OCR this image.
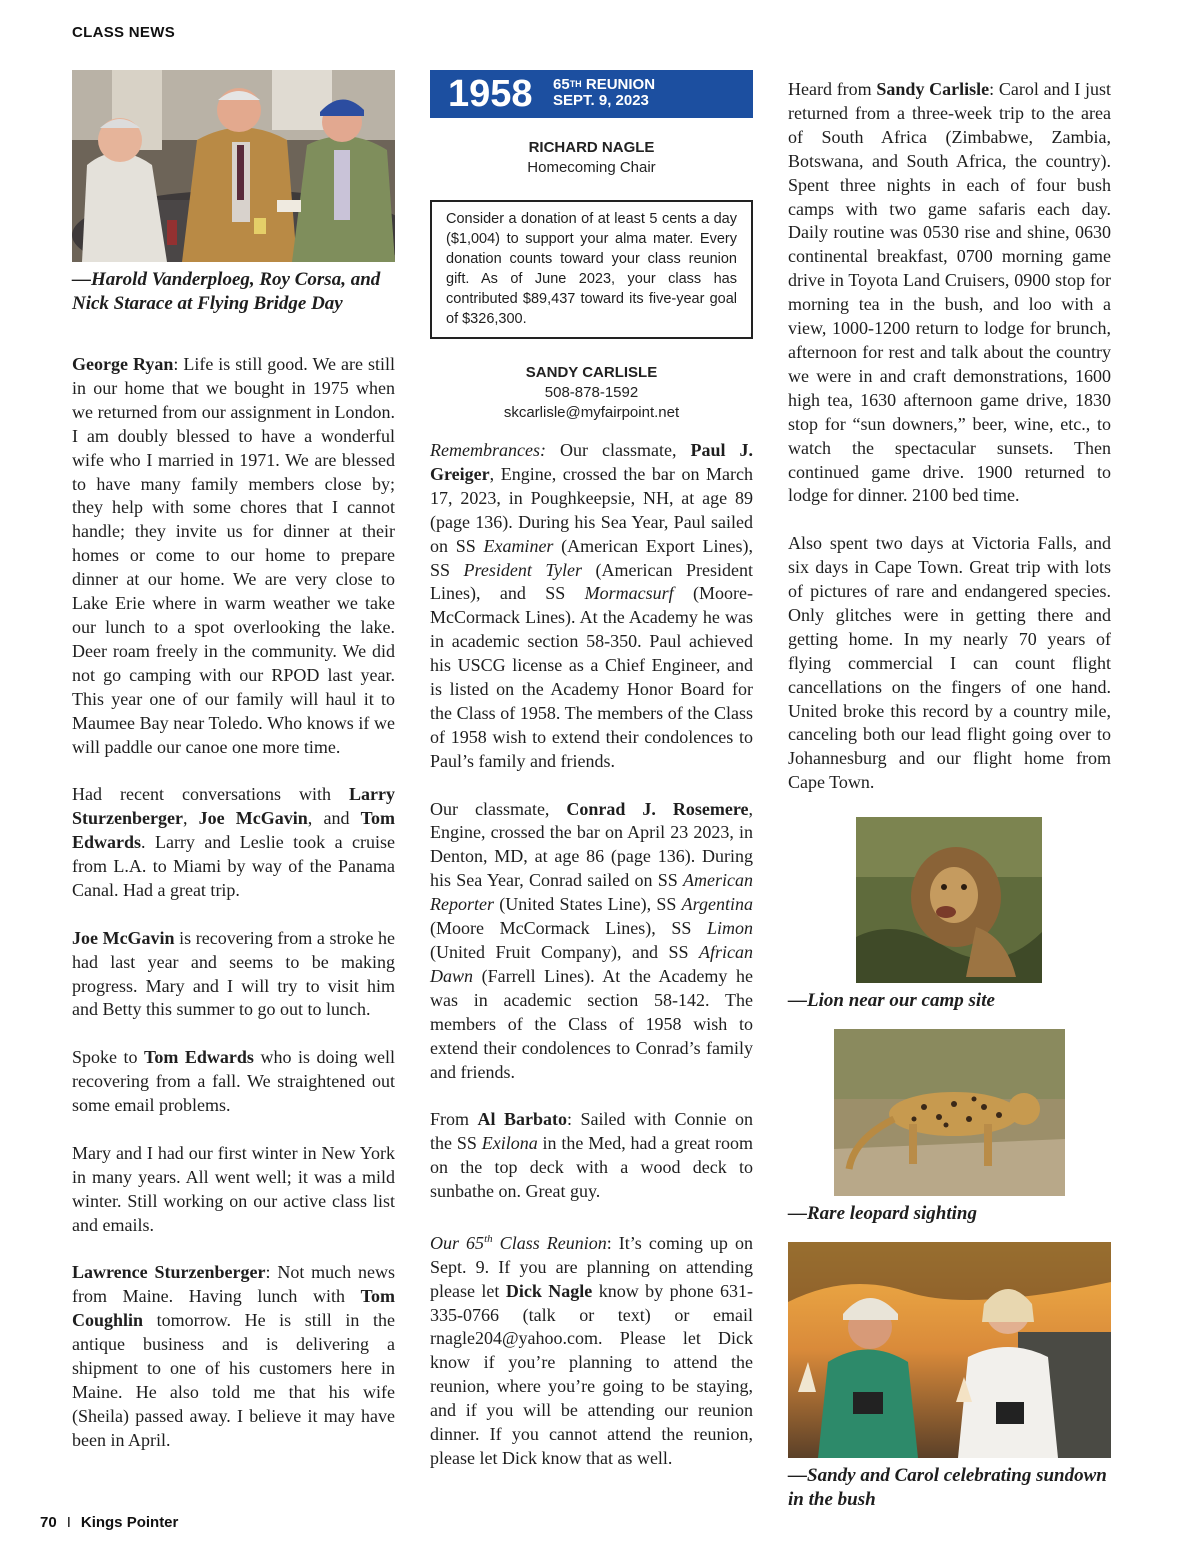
CLASS NEWS
—Harold Vanderploeg, Roy Corsa, and Nick Starace at Flying Bridge Day

George Ryan: Life is still good. We are still in our home that we bought in 1975 when we returned from our assignment in London. I am doubly blessed to have a wonderful wife who I married in 1971. We are blessed to have many family members close by; they help with some chores that I cannot handle; they invite us for dinner at their homes or come to our home to prepare dinner at our home. We are very close to Lake Erie where in warm weather we take our lunch to a spot overlooking the lake. Deer roam freely in the community. We did not go camping with our RPOD last year. This year one of our family will haul it to Maumee Bay near Toledo. Who knows if we will paddle our canoe one more time.

Had recent conversations with Larry Sturzenberger, Joe McGavin, and Tom Edwards. Larry and Leslie took a cruise from L.A. to Miami by way of the Panama Canal. Had a great trip.

Joe McGavin is recovering from a stroke he had last year and seems to be making progress. Mary and I will try to visit him and Betty this summer to go out to lunch.

Spoke to Tom Edwards who is doing well recovering from a fall. We straightened out some email problems.

Mary and I had our first winter in New York in many years. All went well; it was a mild winter. Still working on our active class list and emails.

Lawrence Sturzenberger: Not much news from Maine. Having lunch with Tom Coughlin tomorrow. He is still in the antique business and is delivering a shipment to one of his customers here in Maine. He also told me that his wife (Sheila) passed away. I believe it may have been in April.

1958 65TH REUNION
SEPT. 9, 2023
RICHARD NAGLE
Homecoming Chair
Consider a donation of at least 5 cents a day ($1,004) to support your alma mater. Every donation counts toward your class reunion gift. As of June 2023, your class has contributed $89,437 toward its five-year goal of $326,300.
SANDY CARLISLE
508-878-1592
skcarlisle@myfairpoint.net

Remembrances: Our classmate, Paul J. Greiger, Engine, crossed the bar on March 17, 2023, in Poughkeepsie, NH, at age 89 (page 136). During his Sea Year, Paul sailed on SS Examiner (American Export Lines), SS President Tyler (American President Lines), and SS Mormacsurf (Moore-McCormack Lines). At the Academy he was in academic section 58-350. Paul achieved his USCG license as a Chief Engineer, and is listed on the Academy Honor Board for the Class of 1958. The members of the Class of 1958 wish to extend their condolences to Paul’s family and friends.

Our classmate, Conrad J. Rosemere, Engine, crossed the bar on April 23 2023, in Denton, MD, at age 86 (page 136). During his Sea Year, Conrad sailed on SS American Reporter (United States Line), SS Argentina (Moore McCormack Lines), SS Limon (United Fruit Company), and SS African Dawn (Farrell Lines). At the Academy he was in academic section 58-142. The members of the Class of 1958 wish to extend their condolences to Conrad’s family and friends.

From Al Barbato: Sailed with Connie on the SS Exilona in the Med, had a great room on the top deck with a wood deck to sunbathe on. Great guy.

Our 65th Class Reunion: It’s coming up on Sept. 9. If you are planning on attending please let Dick Nagle know by phone 631-335-0766 (talk or text) or email rnagle204@yahoo.com. Please let Dick know if you’re planning to attend the reunion, where you’re going to be staying, and if you will be attending our reunion dinner. If you cannot attend the reunion, please let Dick know that as well.

Heard from Sandy Carlisle: Carol and I just returned from a three-week trip to the area of South Africa (Zimbabwe, Zambia, Botswana, and South Africa, the country). Spent three nights in each of four bush camps with two game safaris each day. Daily routine was 0530 rise and shine, 0630 continental breakfast, 0700 morning game drive in Toyota Land Cruisers, 0900 stop for morning tea in the bush, and loo with a view, 1000-1200 return to lodge for brunch, afternoon for rest and talk about the country we were in and craft demonstrations, 1600 high tea, 1630 afternoon game drive, 1830 stop for “sun downers,” beer, wine, etc., to watch the spectacular sunsets. Then continued game drive. 1900 returned to lodge for dinner. 2100 bed time.

Also spent two days at Victoria Falls, and six days in Cape Town. Great trip with lots of pictures of rare and endangered species. Only glitches were in getting there and getting home. In my nearly 70 years of flying commercial I can count flight cancellations on the fingers of one hand. United broke this record by a country mile, canceling both our lead flight going over to Johannesburg and our flight home from Cape Town.

—Lion near our camp site
—Rare leopard sighting
—Sandy and Carol celebrating sundown in the bush
70 I Kings Pointer
